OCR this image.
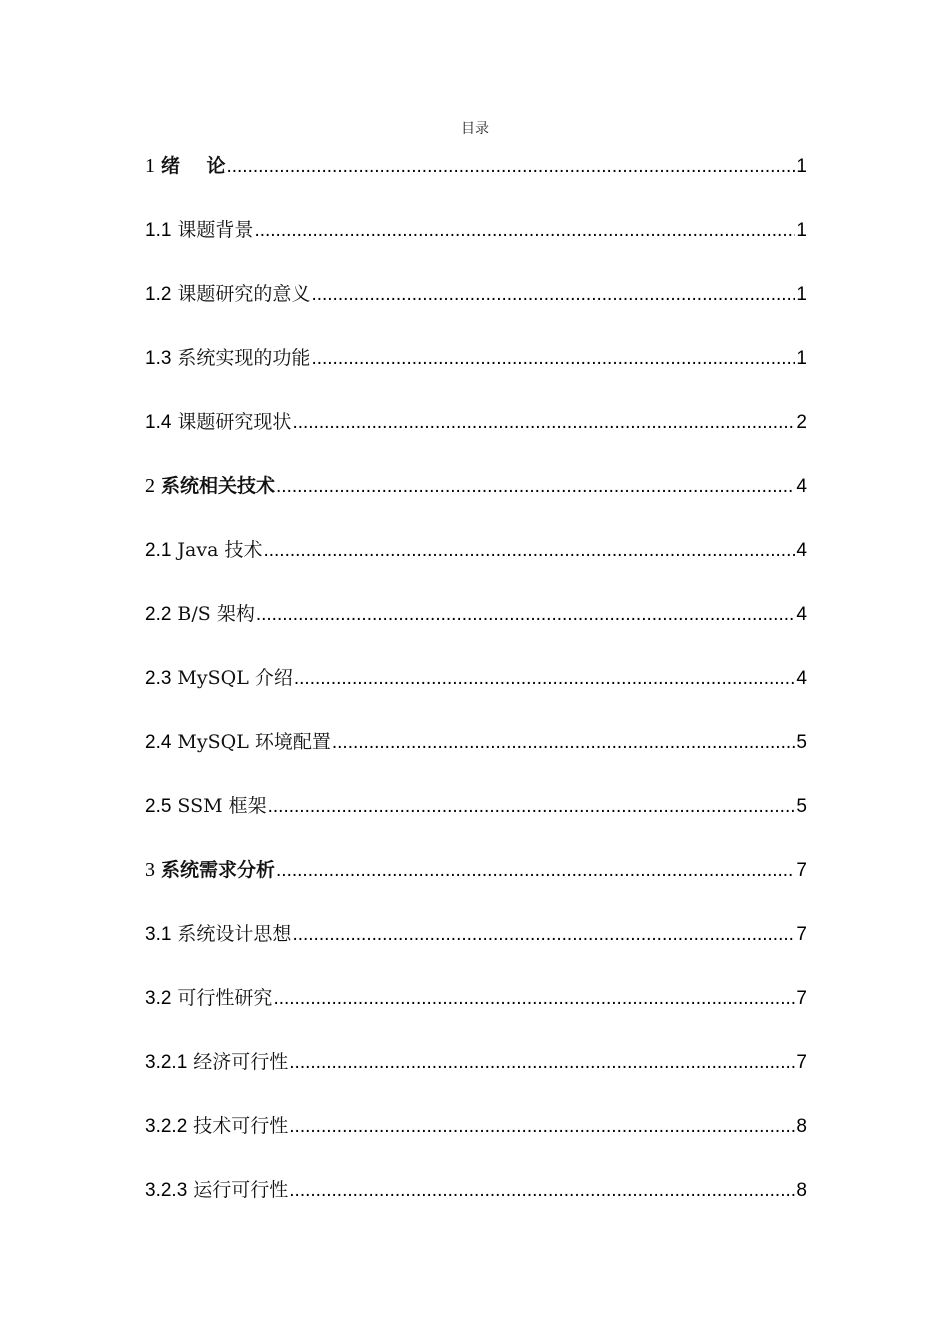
目录
1 绪    论 .....	1
1.1 课题背景 .....	1
1.2 课题研究的意义 .....	1
1.3 系统实现的功能 .....	1
1.4 课题研究现状 .....	2
2 系统相关技术 .....	4
2.1 Java 技术 .....	4
2.2 B/S 架构 .....	4
2.3 MySQL 介绍 .....	4
2.4 MySQL 环境配置 .....	5
2.5 SSM 框架 .....	5
3 系统需求分析 .....	7
3.1 系统设计思想 .....	7
3.2 可行性研究 .....	7
3.2.1 经济可行性 .....	7
3.2.2 技术可行性 .....	8
3.2.3 运行可行性 .....	8
